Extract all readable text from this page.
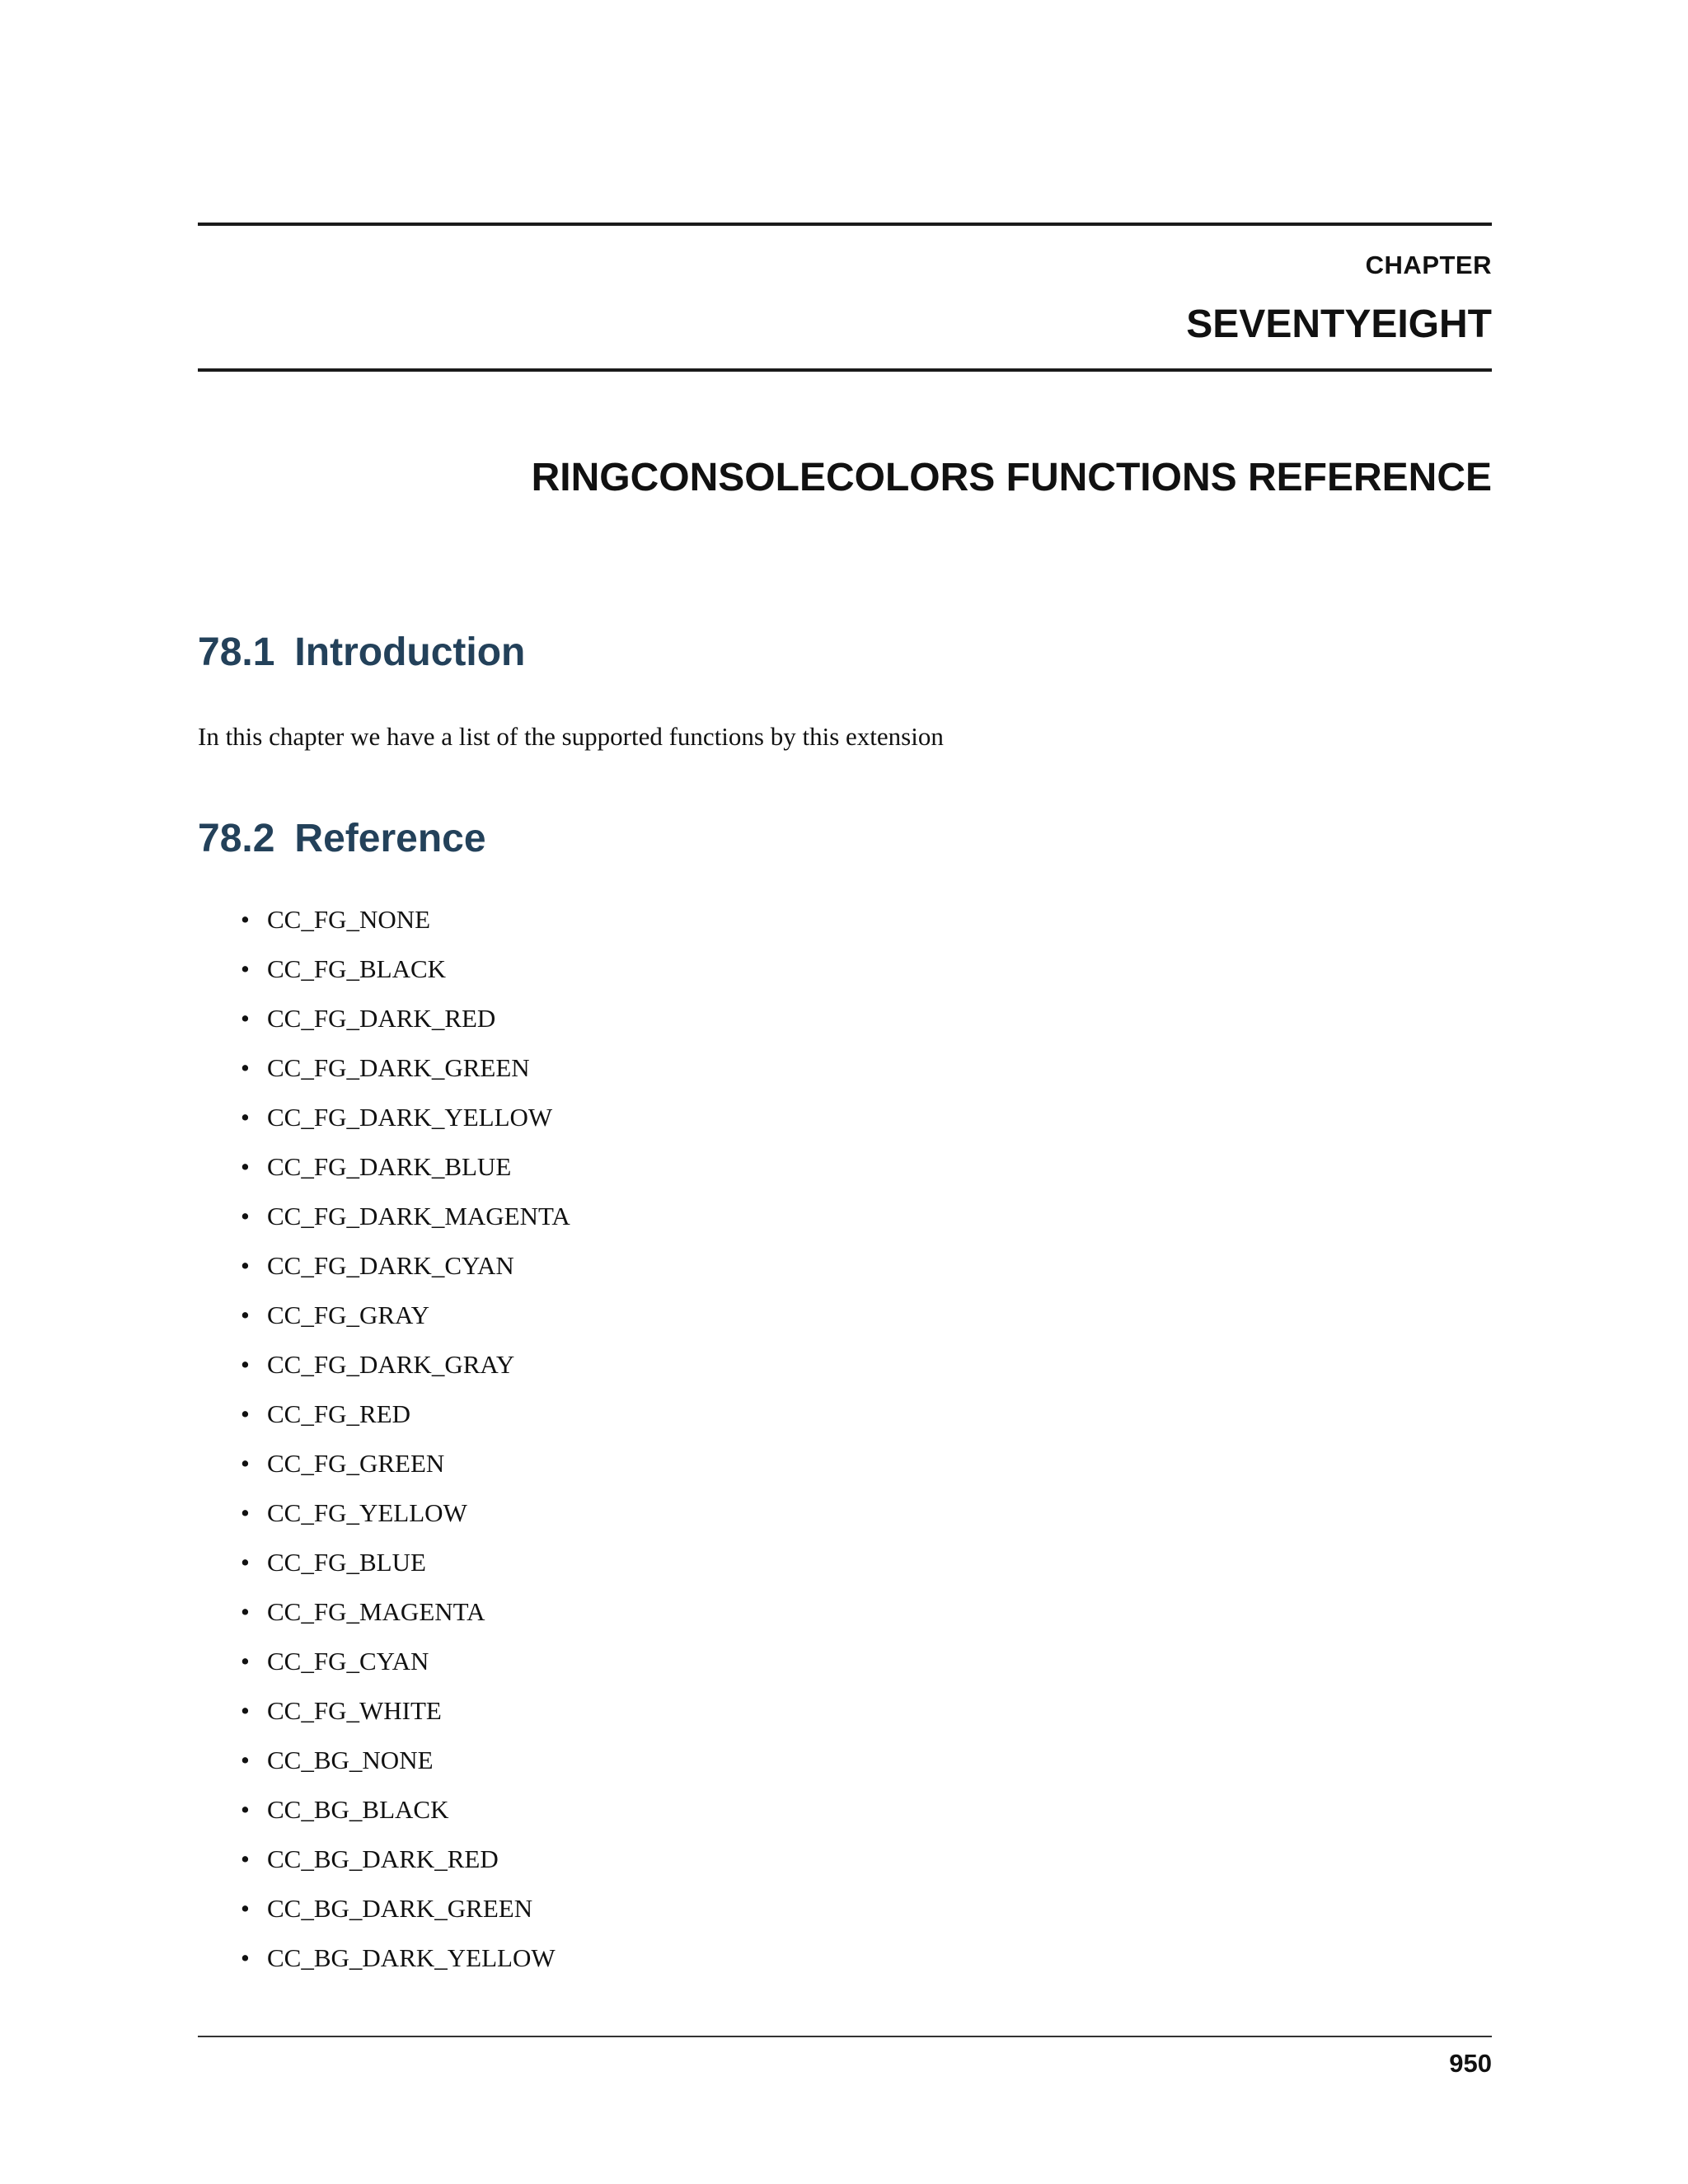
CHAPTER
SEVENTYEIGHT
RINGCONSOLECOLORS FUNCTIONS REFERENCE
78.1 Introduction

In this chapter we have a list of the supported functions by this extension

78.2 Reference
• CC_FG_NONE
• CC_FG_BLACK
• CC_FG_DARK_RED
• CC_FG_DARK_GREEN
• CC_FG_DARK_YELLOW
• CC_FG_DARK_BLUE
• CC_FG_DARK_MAGENTA
• CC_FG_DARK_CYAN
• CC_FG_GRAY
• CC_FG_DARK_GRAY
• CC_FG_RED
• CC_FG_GREEN
• CC_FG_YELLOW
• CC_FG_BLUE
• CC_FG_MAGENTA
• CC_FG_CYAN
• CC_FG_WHITE
• CC_BG_NONE
• CC_BG_BLACK
• CC_BG_DARK_RED
• CC_BG_DARK_GREEN
• CC_BG_DARK_YELLOW

950
